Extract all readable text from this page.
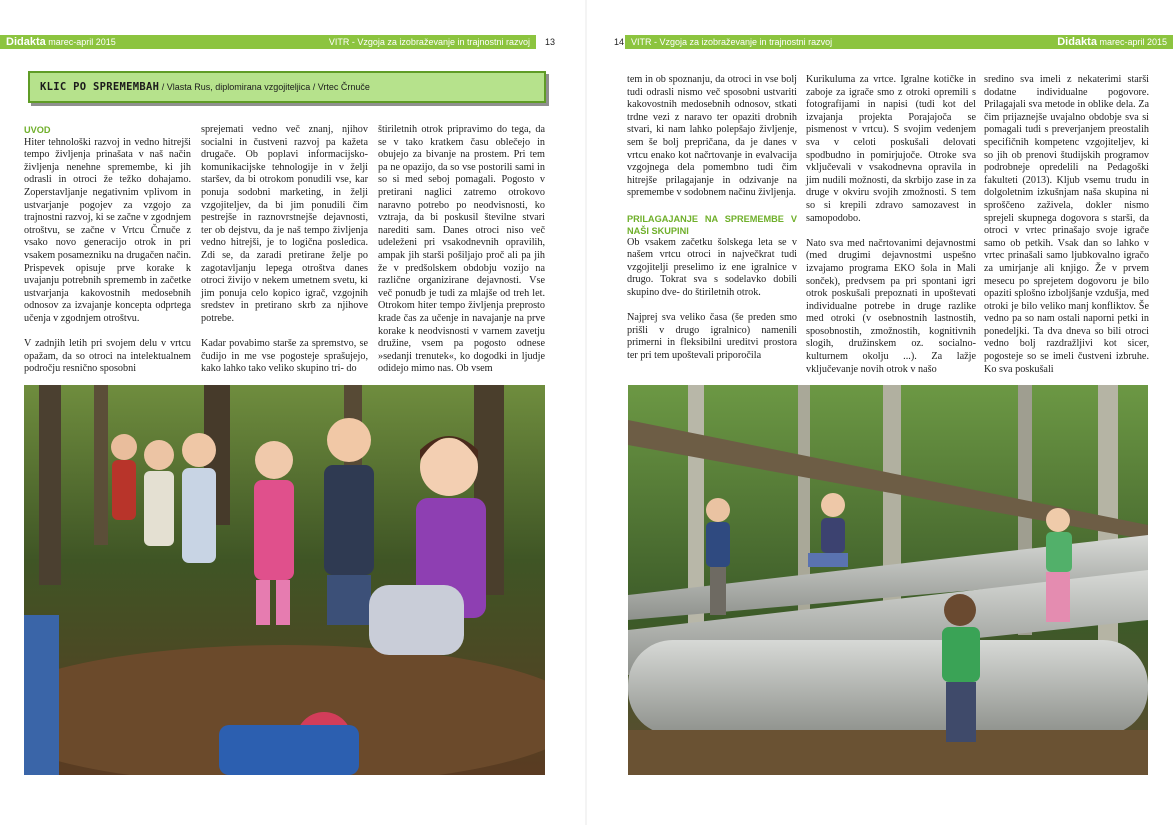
Didakta marec-april 2015	VITR - Vzgoja za izobraževanje in trajnostni razvoj 13
KLIC PO SPREMEMBAH / Vlasta Rus, diplomirana vzgojiteljica / Vrtec Črnuče
UVOD

Hiter tehnološki razvoj in vedno hitrejši tempo življenja prinašata v naš način življenja nenehne spremembe, ki jih odrasli in otroci že težko dohajamo. Zoperstavljanje negativnim vplivom in ustvarjanje pogojev za vzgojo za trajnostni razvoj, ki se začne v zgodnjem otroštvu, se začne v Vrtcu Črnuče z vsako novo generacijo otrok in pri vsakem posamezniku na drugačen način. Prispevek opisuje prve korake k uvajanju potrebnih sprememb in začetke ustvarjanja kakovostnih medosebnih odnosov za izvajanje koncepta odprtega učenja v zgodnjem otroštvu.

V zadnjih letih pri svojem delu v vrtcu opažam, da so otroci na intelektualnem področju resnično sposobni

sprejemati vedno več znanj, njihov socialni in čustveni razvoj pa kažeta drugače. Ob poplavi informacijsko-komunikacijske tehnologije in v želji staršev, da bi otrokom ponudili vse, kar ponuja sodobni marketing, in želji vzgojiteljev, da bi jim ponudili čim pestrejše in raznovrstnejše dejavnosti, ter ob dejstvu, da je naš tempo življenja vedno hitrejši, je to logična posledica. Zdi se, da zaradi pretirane želje po zagotavljanju lepega otroštva danes otroci živijo v nekem umetnem svetu, ki jim ponuja celo kopico igrač, vzgojnih sredstev in pretirano skrb za njihove potrebe.

Kadar povabimo starše za spremstvo, se čudijo in me vse pogosteje sprašujejo, kako lahko tako veliko skupino tri- do

štiriletnih otrok pripravimo do tega, da se v tako kratkem času oblečejo in obujejo za bivanje na prostem. Pri tem pa ne opazijo, da so vse postorili sami in so si med seboj pomagali. Pogosto v pretirani naglici zatremo otrokovo naravno potrebo po neodvisnosti, ko vztraja, da bi poskusil številne stvari narediti sam. Danes otroci niso več udeleženi pri vsakodnevnih opravilih, ampak jih starši pošiljajo proč ali pa jih že v predšolskem obdobju vozijo na različne organizirane dejavnosti. Vse več ponudb je tudi za mlajše od treh let. Otrokom hiter tempo življenja preprosto krade čas za učenje in navajanje na prve korake k neodvisnosti v varnem zavetju družine, vsem pa pogosto odnese »sedanji trenutek«, ko dogodki in ljudje odidejo mimo nas. Ob vsem

14 VITR - Vzgoja za izobraževanje in trajnostni razvoj	Didakta marec-april 2015

tem in ob spoznanju, da otroci in vse bolj tudi odrasli nismo več sposobni ustvariti kakovostnih medosebnih odnosov, stkati trdne vezi z naravo ter opaziti drobnih stvari, ki nam lahko polepšajo življenje, sem še bolj prepričana, da je danes v vrtcu enako kot načrtovanje in evalvacija vzgojnega dela pomembno tudi čim hitrejše prilagajanje in odzivanje na spremembe v sodobnem načinu življenja.

PRILAGAJANJE NA SPREMEMBE V NAŠI SKUPINI

Ob vsakem začetku šolskega leta se v našem vrtcu otroci in največkrat tudi vzgojitelji preselimo iz ene igralnice v drugo. Tokrat sva s sodelavko dobili skupino dve- do štiriletnih otrok.

Najprej sva veliko časa (še preden smo prišli v drugo igralnico) namenili primerni in fleksibilni ureditvi prostora ter pri tem upoštevali priporočila

Kurikuluma za vrtce. Igralne kotičke in zaboje za igrače smo z otroki opremili s fotografijami in napisi (tudi kot del izvajanja projekta Porajajoča se pismenost v vrtcu). S svojim vedenjem sva v celoti poskušali delovati spodbudno in pomirjujoče. Otroke sva vključevali v vsakodnevna opravila in jim nudili možnosti, da skrbijo zase in za druge v okviru svojih zmožnosti. S tem so si krepili zdravo samozavest in samopodobo.

Nato sva med načrtovanimi dejavnostmi (med drugimi dejavnostmi uspešno izvajamo programa EKO šola in Mali sonček), predvsem pa pri spontani igri otrok poskušali prepoznati in upoštevati individualne potrebe in druge razlike med otroki (v osebnostnih lastnostih, sposobnostih, zmožnostih, kognitivnih slogih, družinskem oz. socialno-kulturnem okolju ...). Za lažje vključevanje novih otrok v našo

sredino sva imeli z nekaterimi starši dodatne individualne pogovore. Prilagajali sva metode in oblike dela. Za čim prijaznejše uvajalno obdobje sva si pomagali tudi s preverjanjem preostalih specifičnih kompetenc vzgojiteljev, ki so jih ob prenovi študijskih programov podrobneje opredelili na Pedagoški fakulteti (2013). Kljub vsemu trudu in dolgoletnim izkušnjam naša skupina ni sproščeno zaživela, dokler nismo sprejeli skupnega dogovora s starši, da otroci v vrtec prinašajo svoje igrače samo ob petkih. Vsak dan so lahko v vrtec prinašali samo ljubkovalno igračo za umirjanje ali knjigo. Že v prvem mesecu po sprejetem dogovoru je bilo opaziti splošno izboljšanje vzdušja, med otroki je bilo veliko manj konfliktov. Še vedno pa so nam ostali naporni petki in ponedeljki. Ta dva dneva so bili otroci vedno bolj razdražljivi kot sicer, pogosteje so se imeli čustveni izbruhe. Ko sva poskušali
